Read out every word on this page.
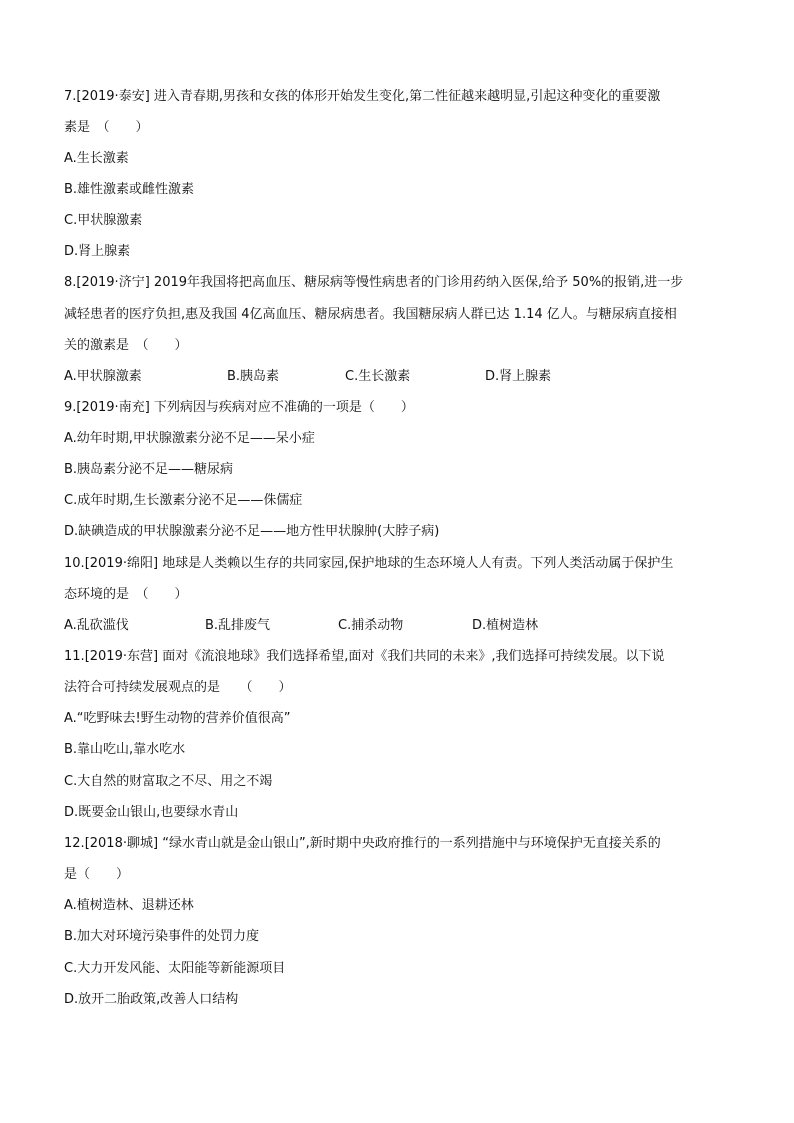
7.[2019·泰安] 进入青春期,男孩和女孩的体形开始发生变化,第二性征越来越明显,引起这种变化的重要激
素是　（　　）
A.生长激素
B.雄性激素或雌性激素
C.甲状腺激素
D.肾上腺素
8.[2019·济宁] 2019年我国将把高血压、糖尿病等慢性病患者的门诊用药纳入医保,给予 50%的报销,进一步
减轻患者的医疗负担,惠及我国 4亿高血压、糖尿病患者。我国糖尿病人群已达 1.14 亿人。与糖尿病直接相
关的激素是　（　　）
A.甲状腺激素	B.胰岛素	C.生长激素	D.肾上腺素
9.[2019·南充] 下列病因与疾病对应不准确的一项是（　　）
A.幼年时期,甲状腺激素分泌不足——呆小症
B.胰岛素分泌不足——糖尿病
C.成年时期,生长激素分泌不足——侏儒症
D.缺碘造成的甲状腺激素分泌不足——地方性甲状腺肿(大脖子病)
10.[2019·绵阳] 地球是人类赖以生存的共同家园,保护地球的生态环境人人有责。下列人类活动属于保护生
态环境的是　（　　）
A.乱砍滥伐	B.乱排废气	C.捕杀动物	D.植树造林
11.[2019·东营] 面对《流浪地球》我们选择希望,面对《我们共同的未来》,我们选择可持续发展。以下说
法符合可持续发展观点的是　　（　　）
A.“吃野味去!野生动物的营养价值很高”
B.靠山吃山,靠水吃水
C.大自然的财富取之不尽、用之不竭
D.既要金山银山,也要绿水青山
12.[2018·聊城] “绿水青山就是金山银山”,新时期中央政府推行的一系列措施中与环境保护无直接关系的
是（　　）
A.植树造林、退耕还林
B.加大对环境污染事件的处罚力度
C.大力开发风能、太阳能等新能源项目
D.放开二胎政策,改善人口结构
